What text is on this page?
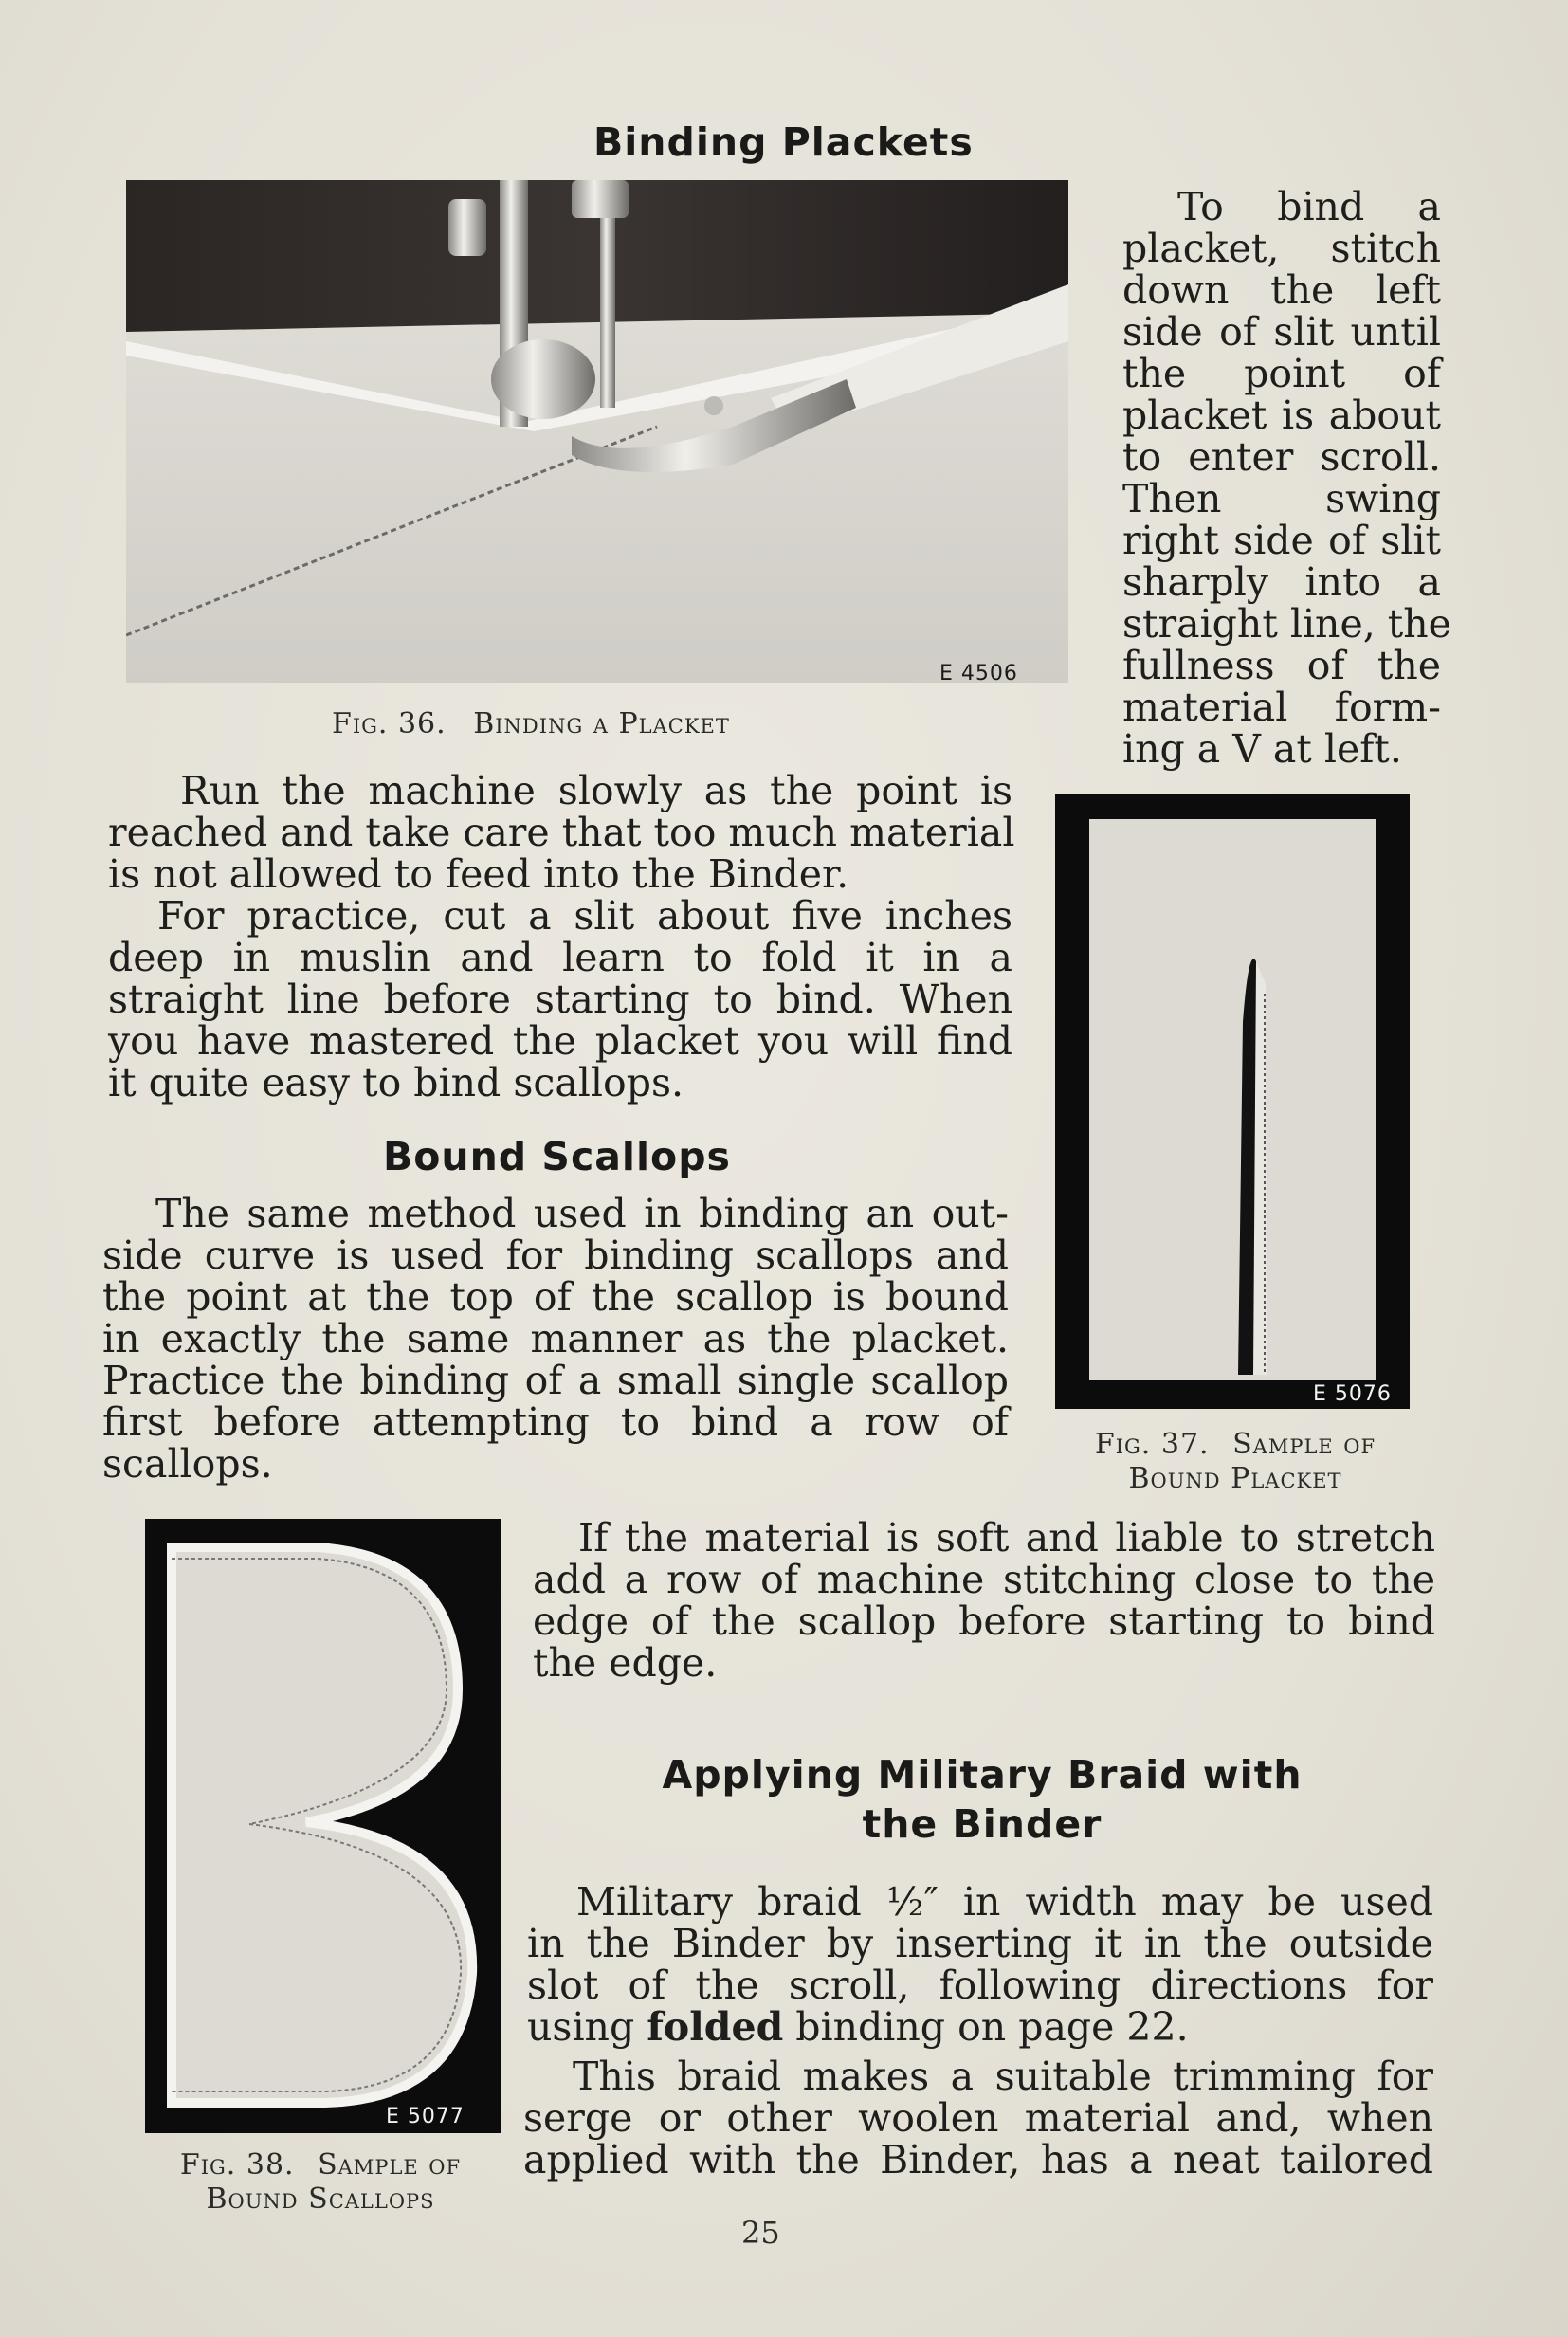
Binding Plackets
E 4506
Fig. 36. Binding a Placket
To bind a
placket, stitch
down the left
side of slit until
the point of
placket is about
to enter scroll.
Then swing
right side of slit
sharply into a
straight line, the
fullness of the
material form-
ing a V at left.
Run the machine slowly as the point is
reached and take care that too much material
is not allowed to feed into the Binder.
For practice, cut a slit about five inches
deep in muslin and learn to fold it in a
straight line before starting to bind. When
you have mastered the placket you will find
it quite easy to bind scallops.
Bound Scallops
The same method used in binding an out-
side curve is used for binding scallops and
the point at the top of the scallop is bound
in exactly the same manner as the placket.
Practice the binding of a small single scallop
first before attempting to bind a row of
scallops.
E 5076
Fig. 37. Sample of
Bound Placket
E 5077
Fig. 38. Sample of
Bound Scallops
If the material is soft and liable to stretch
add a row of machine stitching close to the
edge of the scallop before starting to bind
the edge.
Applying Military Braid with
the Binder
Military braid ½″ in width may be used
in the Binder by inserting it in the outside
slot of the scroll, following directions for
using folded binding on page 22.
This braid makes a suitable trimming for
serge or other woolen material and, when
applied with the Binder, has a neat tailored
25
